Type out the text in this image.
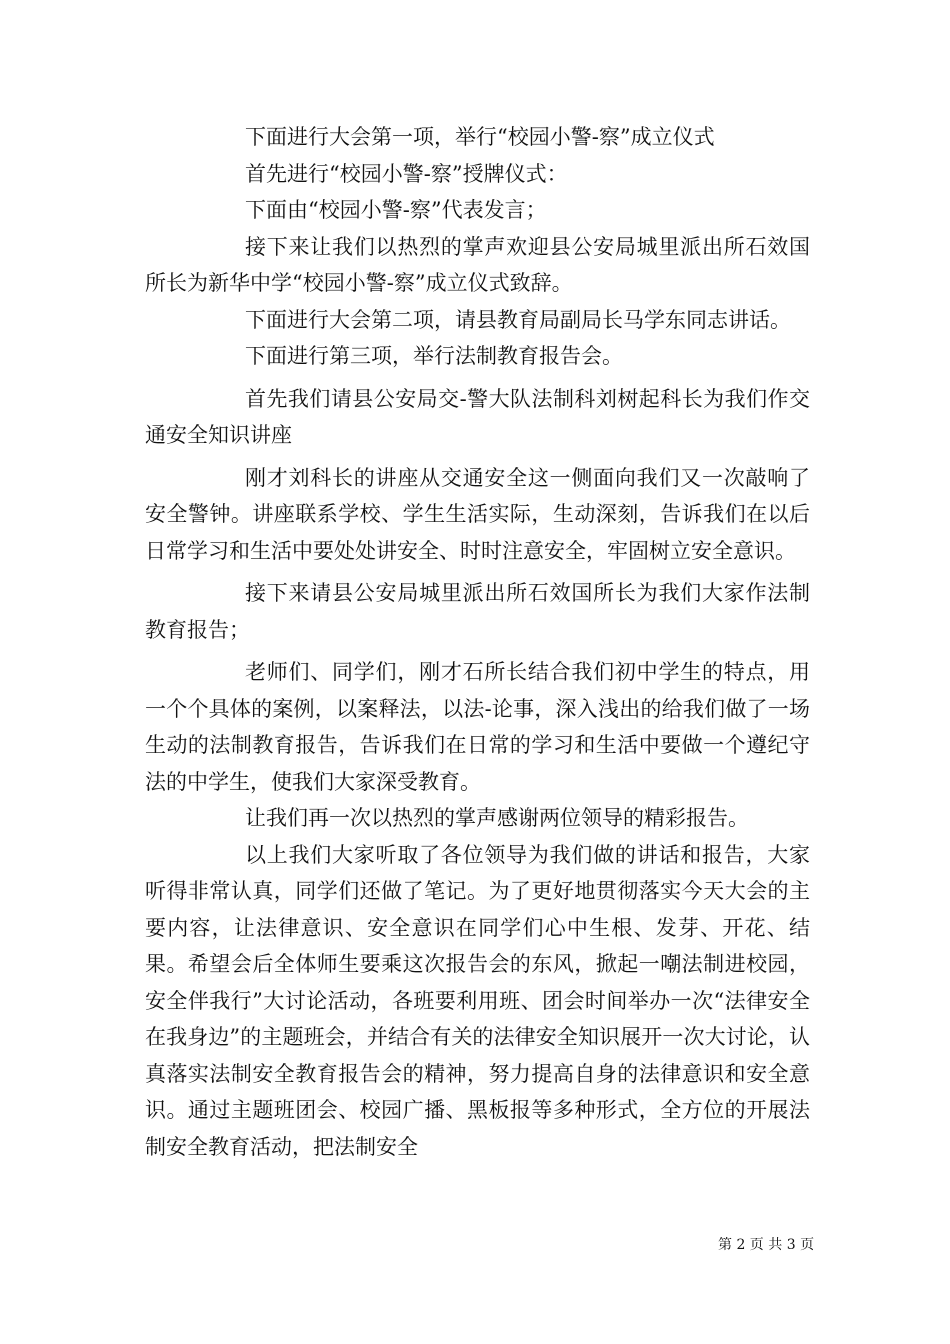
下面进行大会第一项，举行“校园小警-察”成立仪式

首先进行“校园小警-察”授牌仪式：

下面由“校园小警-察”代表发言；

接下来让我们以热烈的掌声欢迎县公安局城里派出所石效国所长为新华中学“校园小警-察”成立仪式致辞。

下面进行大会第二项，请县教育局副局长马学东同志讲话。

下面进行第三项，举行法制教育报告会。

首先我们请县公安局交-警大队法制科刘树起科长为我们作交通安全知识讲座

刚才刘科长的讲座从交通安全这一侧面向我们又一次敲响了安全警钟。讲座联系学校、学生生活实际，生动深刻，告诉我们在以后日常学习和生活中要处处讲安全、时时注意安全，牢固树立安全意识。

接下来请县公安局城里派出所石效国所长为我们大家作法制教育报告；

老师们、同学们，刚才石所长结合我们初中学生的特点，用一个个具体的案例，以案释法，以法-论事，深入浅出的给我们做了一场生动的法制教育报告，告诉我们在日常的学习和生活中要做一个遵纪守法的中学生，使我们大家深受教育。

让我们再一次以热烈的掌声感谢两位领导的精彩报告。

以上我们大家听取了各位领导为我们做的讲话和报告，大家听得非常认真，同学们还做了笔记。为了更好地贯彻落实今天大会的主要内容，让法律意识、安全意识在同学们心中生根、发芽、开花、结果。希望会后全体师生要乘这次报告会的东风，掀起一嘲法制进校园，安全伴我行”大讨论活动，各班要利用班、团会时间举办一次“法律安全在我身边”的主题班会，并结合有关的法律安全知识展开一次大讨论，认真落实法制安全教育报告会的精神，努力提高自身的法律意识和安全意识。通过主题班团会、校园广播、黑板报等多种形式，全方位的开展法制安全教育活动，把法制安全

第 2 页 共 3 页
